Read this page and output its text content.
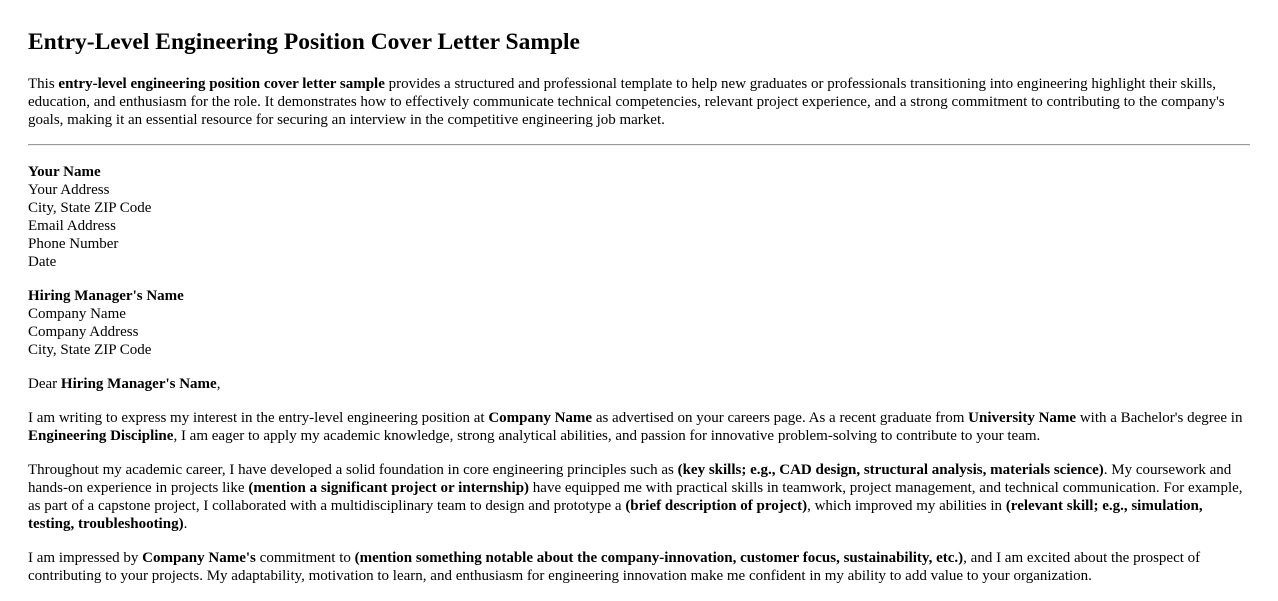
Entry-Level Engineering Position Cover Letter Sample

This entry-level engineering position cover letter sample provides a structured and professional template to help new graduates or professionals transitioning into engineering highlight their skills, education, and enthusiasm for the role. It demonstrates how to effectively communicate technical competencies, relevant project experience, and a strong commitment to contributing to the company's goals, making it an essential resource for securing an interview in the competitive engineering job market.

Your Name
Your Address
City, State ZIP Code
Email Address
Phone Number
Date
Hiring Manager's Name
Company Name
Company Address
City, State ZIP Code

Dear Hiring Manager's Name,

I am writing to express my interest in the entry-level engineering position at Company Name as advertised on your careers page. As a recent graduate from University Name with a Bachelor's degree in Engineering Discipline, I am eager to apply my academic knowledge, strong analytical abilities, and passion for innovative problem-solving to contribute to your team.

Throughout my academic career, I have developed a solid foundation in core engineering principles such as (key skills; e.g., CAD design, structural analysis, materials science). My coursework and hands-on experience in projects like (mention a significant project or internship) have equipped me with practical skills in teamwork, project management, and technical communication. For example, as part of a capstone project, I collaborated with a multidisciplinary team to design and prototype a (brief description of project), which improved my abilities in (relevant skill; e.g., simulation, testing, troubleshooting).

I am impressed by Company Name's commitment to (mention something notable about the company-innovation, customer focus, sustainability, etc.), and I am excited about the prospect of contributing to your projects. My adaptability, motivation to learn, and enthusiasm for engineering innovation make me confident in my ability to add value to your organization.
